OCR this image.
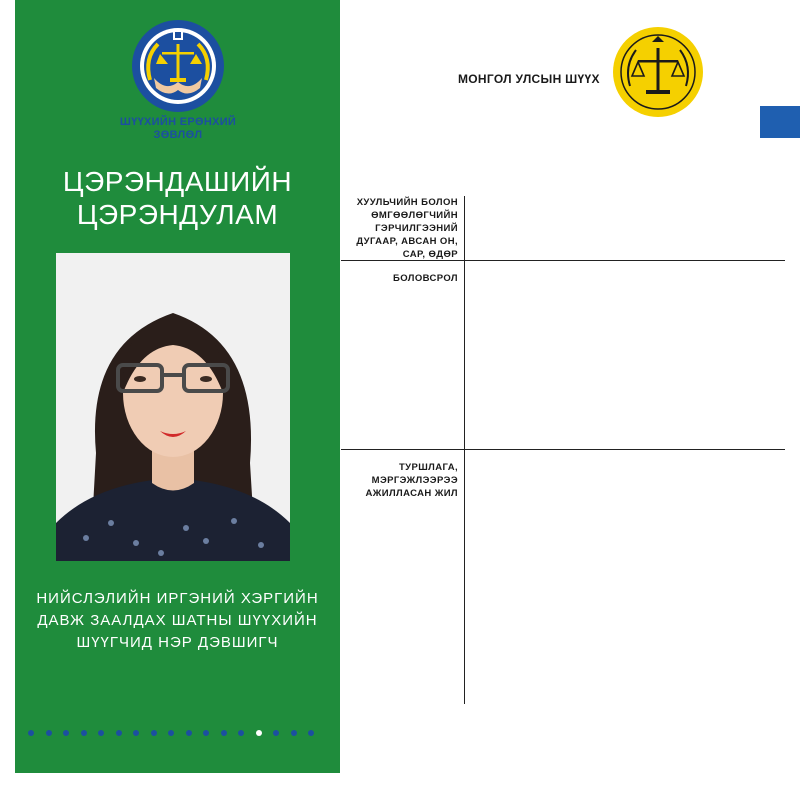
ШҮҮХИЙН ЕРӨНХИЙ ЗӨВЛӨЛ
ЦЭРЭНДАШИЙН
ЦЭРЭНДУЛАМ
НИЙСЛЭЛИЙН ИРГЭНИЙ ХЭРГИЙН
ДАВЖ ЗААЛДАХ ШАТНЫ ШҮҮХИЙН
ШҮҮГЧИД НЭР ДЭВШИГЧ
МОНГОЛ УЛСЫН ШҮҮХ
ХУУЛЬЧИЙН БОЛОН
ӨМГӨӨЛӨГЧИЙН
ГЭРЧИЛГЭЭНИЙ
ДУГААР, АВСАН ОН,
САР, ӨДӨР
БОЛОВСРОЛ
ТУРШЛАГА,
МЭРГЭЖЛЭЭРЭЭ
АЖИЛЛАСАН ЖИЛ
